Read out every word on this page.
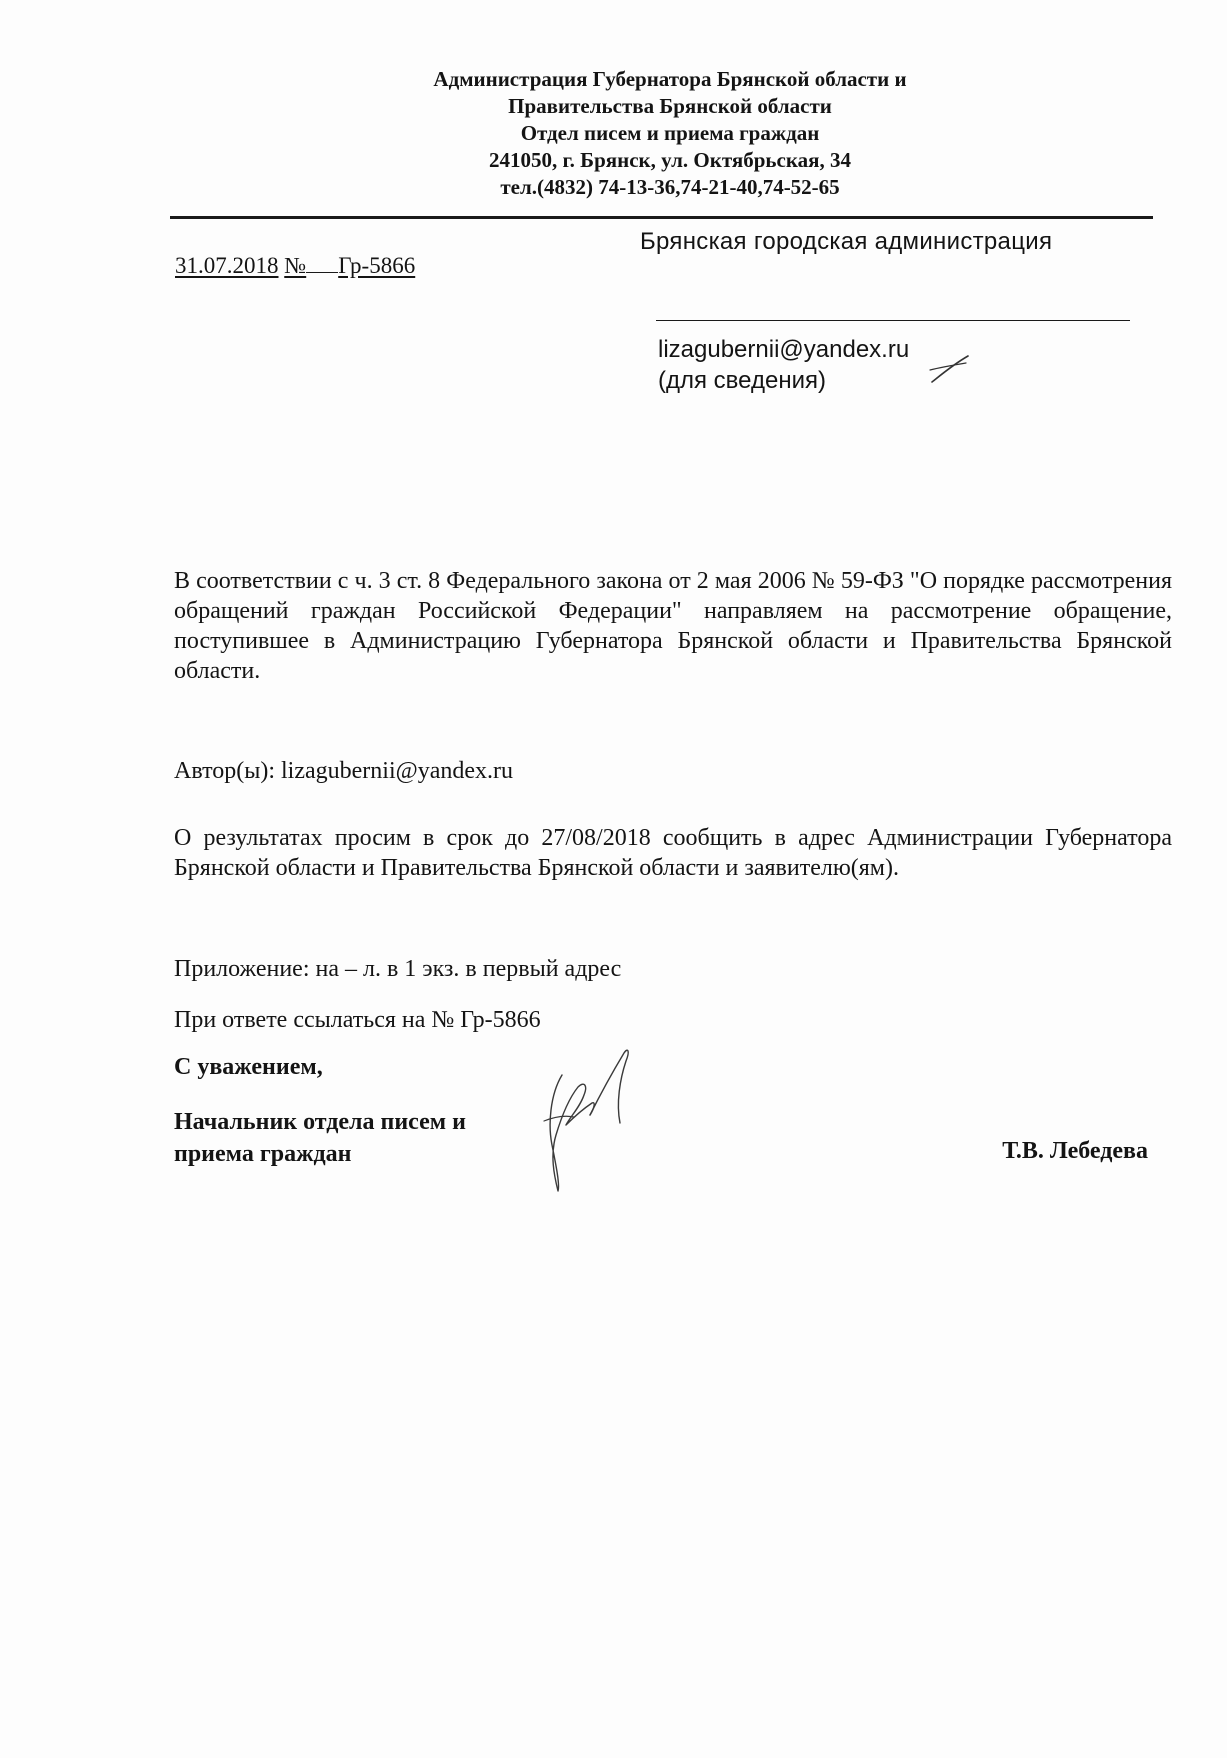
Администрация Губернатора Брянской области и
Правительства Брянской области
Отдел писем и приема граждан
241050, г. Брянск, ул. Октябрьская, 34
тел.(4832) 74-13-36,74-21-40,74-52-65
31.07.2018 № Гр-5866
Брянская городская администрация
lizagubernii@yandex.ru
(для сведения)
В соответствии с ч. 3 ст. 8 Федерального закона от 2 мая 2006 № 59-ФЗ "О порядке рассмотрения обращений граждан Российской Федерации" направляем на рассмотрение обращение, поступившее в Администрацию Губернатора Брянской области и Правительства Брянской области.
Автор(ы): lizagubernii@yandex.ru
О результатах просим в срок до 27/08/2018 сообщить в адрес Администрации Губернатора Брянской области и Правительства Брянской области и заявителю(ям).
Приложение: на – л. в 1 экз. в первый адрес
При ответе ссылаться на № Гр-5866
С уважением,
Начальник отдела писем и
приема граждан	Т.В. Лебедева
